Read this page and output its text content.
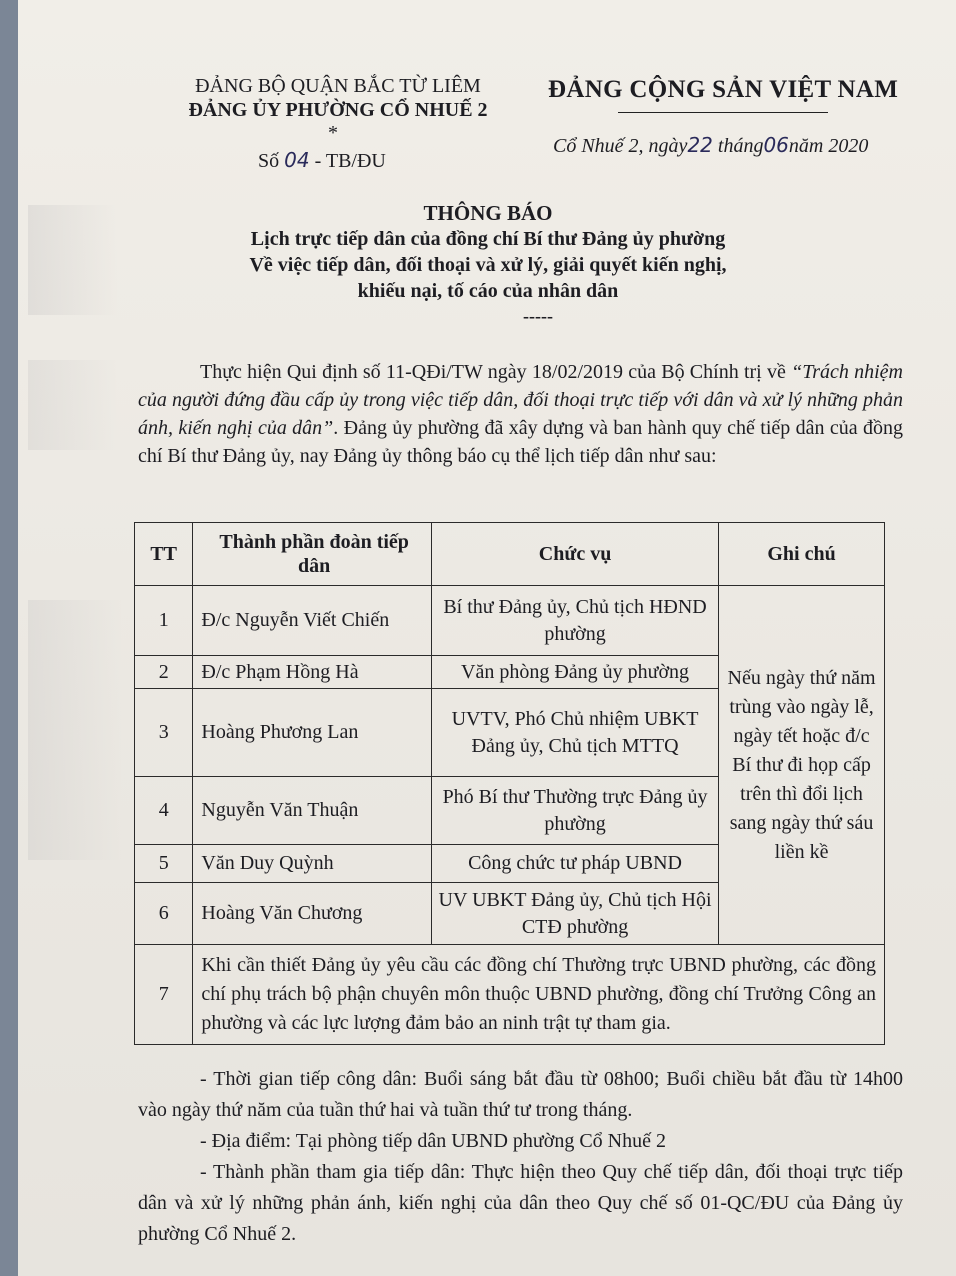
ĐẢNG BỘ QUẬN BẮC TỪ LIÊM
ĐẢNG ỦY PHƯỜNG CỔ NHUẾ 2
*
Số 04 - TB/ĐU
ĐẢNG CỘNG SẢN VIỆT NAM
Cổ Nhuế 2, ngày22 tháng06năm 2020
THÔNG BÁO
Lịch trực tiếp dân của đồng chí Bí thư Đảng ủy phường
Về việc tiếp dân, đối thoại và xử lý, giải quyết kiến nghị,
khiếu nại, tố cáo của nhân dân
-----
Thực hiện Qui định số 11-QĐi/TW ngày 18/02/2019 của Bộ Chính trị về “Trách nhiệm của người đứng đầu cấp ủy trong việc tiếp dân, đối thoại trực tiếp với dân và xử lý những phản ánh, kiến nghị của dân”. Đảng ủy phường đã xây dựng và ban hành quy chế tiếp dân của đồng chí Bí thư Đảng ủy, nay Đảng ủy thông báo cụ thể lịch tiếp dân như sau:
TT	Thành phần đoàn tiếp dân	Chức vụ	Ghi chú
1	Đ/c Nguyễn Viết Chiến	Bí thư Đảng ủy, Chủ tịch HĐND phường	Nếu ngày thứ năm trùng vào ngày lễ, ngày tết hoặc đ/c Bí thư đi họp cấp trên thì đổi lịch sang ngày thứ sáu liền kề
2	Đ/c Phạm Hồng Hà	Văn phòng Đảng ủy phường	
3	Hoàng Phương Lan	UVTV, Phó Chủ nhiệm UBKT Đảng ủy, Chủ tịch MTTQ	
4	Nguyễn Văn Thuận	Phó Bí thư Thường trực Đảng ủy phường	
5	Văn Duy Quỳnh	Công chức tư pháp UBND	
6	Hoàng Văn Chương	UV UBKT Đảng ủy, Chủ tịch Hội CTĐ phường	
7	Khi cần thiết Đảng ủy yêu cầu các đồng chí Thường trực UBND phường, các đồng chí phụ trách bộ phận chuyên môn thuộc UBND phường, đồng chí Trưởng Công an phường và các lực lượng đảm bảo an ninh trật tự tham gia.		

- Thời gian tiếp công dân: Buổi sáng bắt đầu từ 08h00; Buổi chiều bắt đầu từ 14h00 vào ngày thứ năm của tuần thứ hai và tuần thứ tư trong tháng.

- Địa điểm: Tại phòng tiếp dân UBND phường Cổ Nhuế 2

- Thành phần tham gia tiếp dân: Thực hiện theo Quy chế tiếp dân, đối thoại trực tiếp dân và xử lý những phản ánh, kiến nghị của dân theo Quy chế số 01-QC/ĐU của Đảng ủy phường Cổ Nhuế 2.
